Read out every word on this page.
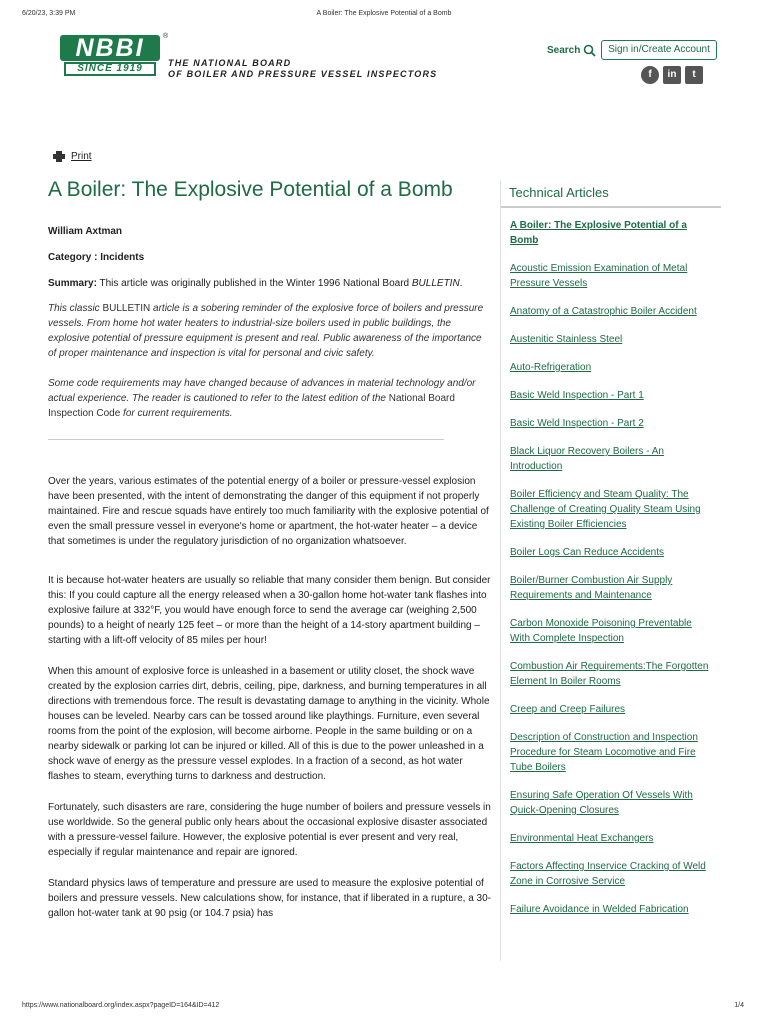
6/20/23, 3:39 PM	A Boiler: The Explosive Potential of a Bomb
NBBI
SINCE 1919
®
THE NATIONAL BOARD
OF BOILER AND PRESSURE VESSEL INSPECTORS
Search	Sign in/Create Account
f	in	t
Print
A Boiler: The Explosive Potential of a Bomb

William Axtman

Category : Incidents

Summary: This article was originally published in the Winter 1996 National Board BULLETIN.

This classic BULLETIN article is a sobering reminder of the explosive force of boilers and pressure vessels. From home hot water heaters to industrial-size boilers used in public buildings, the explosive potential of pressure equipment is present and real. Public awareness of the importance of proper maintenance and inspection is vital for personal and civic safety.

Some code requirements may have changed because of advances in material technology and/or actual experience. The reader is cautioned to refer to the latest edition of the National Board Inspection Code for current requirements.

Over the years, various estimates of the potential energy of a boiler or pressure-vessel explosion have been presented, with the intent of demonstrating the danger of this equipment if not properly maintained. Fire and rescue squads have entirely too much familiarity with the explosive potential of even the small pressure vessel in everyone's home or apartment, the hot-water heater – a device that sometimes is under the regulatory jurisdiction of no organization whatsoever.

It is because hot-water heaters are usually so reliable that many consider them benign. But consider this: If you could capture all the energy released when a 30-gallon home hot-water tank flashes into explosive failure at 332°F, you would have enough force to send the average car (weighing 2,500 pounds) to a height of nearly 125 feet – or more than the height of a 14-story apartment building – starting with a lift-off velocity of 85 miles per hour!

When this amount of explosive force is unleashed in a basement or utility closet, the shock wave created by the explosion carries dirt, debris, ceiling, pipe, darkness, and burning temperatures in all directions with tremendous force. The result is devastating damage to anything in the vicinity. Whole houses can be leveled. Nearby cars can be tossed around like playthings. Furniture, even several rooms from the point of the explosion, will become airborne. People in the same building or on a nearby sidewalk or parking lot can be injured or killed. All of this is due to the power unleashed in a shock wave of energy as the pressure vessel explodes. In a fraction of a second, as hot water flashes to steam, everything turns to darkness and destruction.

Fortunately, such disasters are rare, considering the huge number of boilers and pressure vessels in use worldwide. So the general public only hears about the occasional explosive disaster associated with a pressure-vessel failure. However, the explosive potential is ever present and very real, especially if regular maintenance and repair are ignored.

Standard physics laws of temperature and pressure are used to measure the explosive potential of boilers and pressure vessels. New calculations show, for instance, that if liberated in a rupture, a 30-gallon hot-water tank at 90 psig (or 104.7 psia) has

Technical Articles
A Boiler: The Explosive Potential of a Bomb
Acoustic Emission Examination of Metal Pressure Vessels
Anatomy of a Catastrophic Boiler Accident
Austenitic Stainless Steel
Auto-Refrigeration
Basic Weld Inspection - Part 1
Basic Weld Inspection - Part 2
Black Liquor Recovery Boilers - An Introduction
Boiler Efficiency and Steam Quality: The Challenge of Creating Quality Steam Using Existing Boiler Efficiencies
Boiler Logs Can Reduce Accidents
Boiler/Burner Combustion Air Supply Requirements and Maintenance
Carbon Monoxide Poisoning Preventable With Complete Inspection
Combustion Air Requirements:The Forgotten Element In Boiler Rooms
Creep and Creep Failures
Description of Construction and Inspection Procedure for Steam Locomotive and Fire Tube Boilers
Ensuring Safe Operation Of Vessels With Quick-Opening Closures
Environmental Heat Exchangers
Factors Affecting Inservice Cracking of Weld Zone in Corrosive Service
Failure Avoidance in Welded Fabrication
https://www.nationalboard.org/index.aspx?pageID=164&ID=412	1/4
